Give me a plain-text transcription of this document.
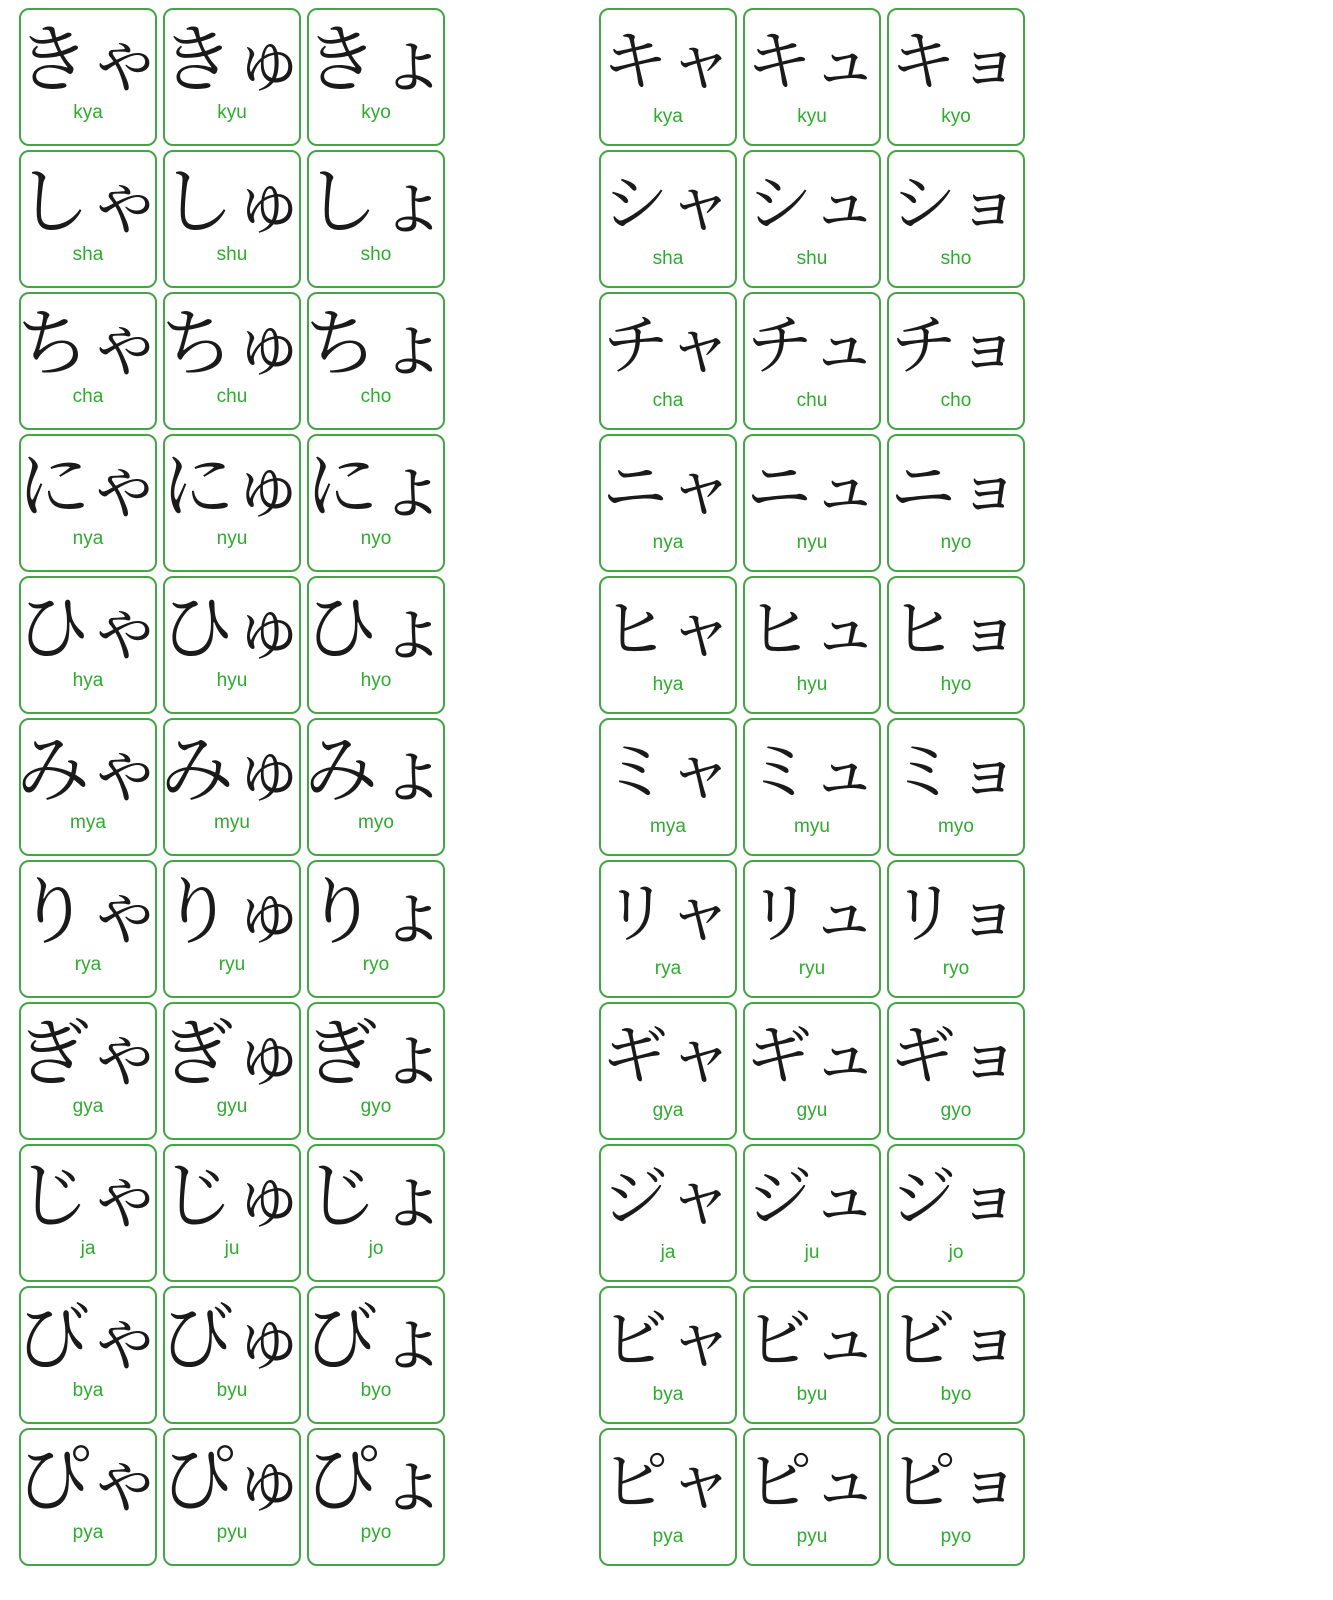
きゃ
kya
しゃ
sha
ちゃ
cha
にゃ
nya
ひゃ
hya
みゃ
mya
りゃ
rya
ぎゃ
gya
じゃ
ja
びゃ
bya
ぴゃ
pya
きゅ
kyu
しゅ
shu
ちゅ
chu
にゅ
nyu
ひゅ
hyu
みゅ
myu
りゅ
ryu
ぎゅ
gyu
じゅ
ju
びゅ
byu
ぴゅ
pyu
きょ
kyo
しょ
sho
ちょ
cho
にょ
nyo
ひょ
hyo
みょ
myo
りょ
ryo
ぎょ
gyo
じょ
jo
びょ
byo
ぴょ
pyo
キャ
kya
シャ
sha
チャ
cha
ニャ
nya
ヒャ
hya
ミャ
mya
リャ
rya
ギャ
gya
ジャ
ja
ビャ
bya
ピャ
pya
キュ
kyu
シュ
shu
チュ
chu
ニュ
nyu
ヒュ
hyu
ミュ
myu
リュ
ryu
ギュ
gyu
ジュ
ju
ビュ
byu
ピュ
pyu
キョ
kyo
ショ
sho
チョ
cho
ニョ
nyo
ヒョ
hyo
ミョ
myo
リョ
ryo
ギョ
gyo
ジョ
jo
ビョ
byo
ピョ
pyo
